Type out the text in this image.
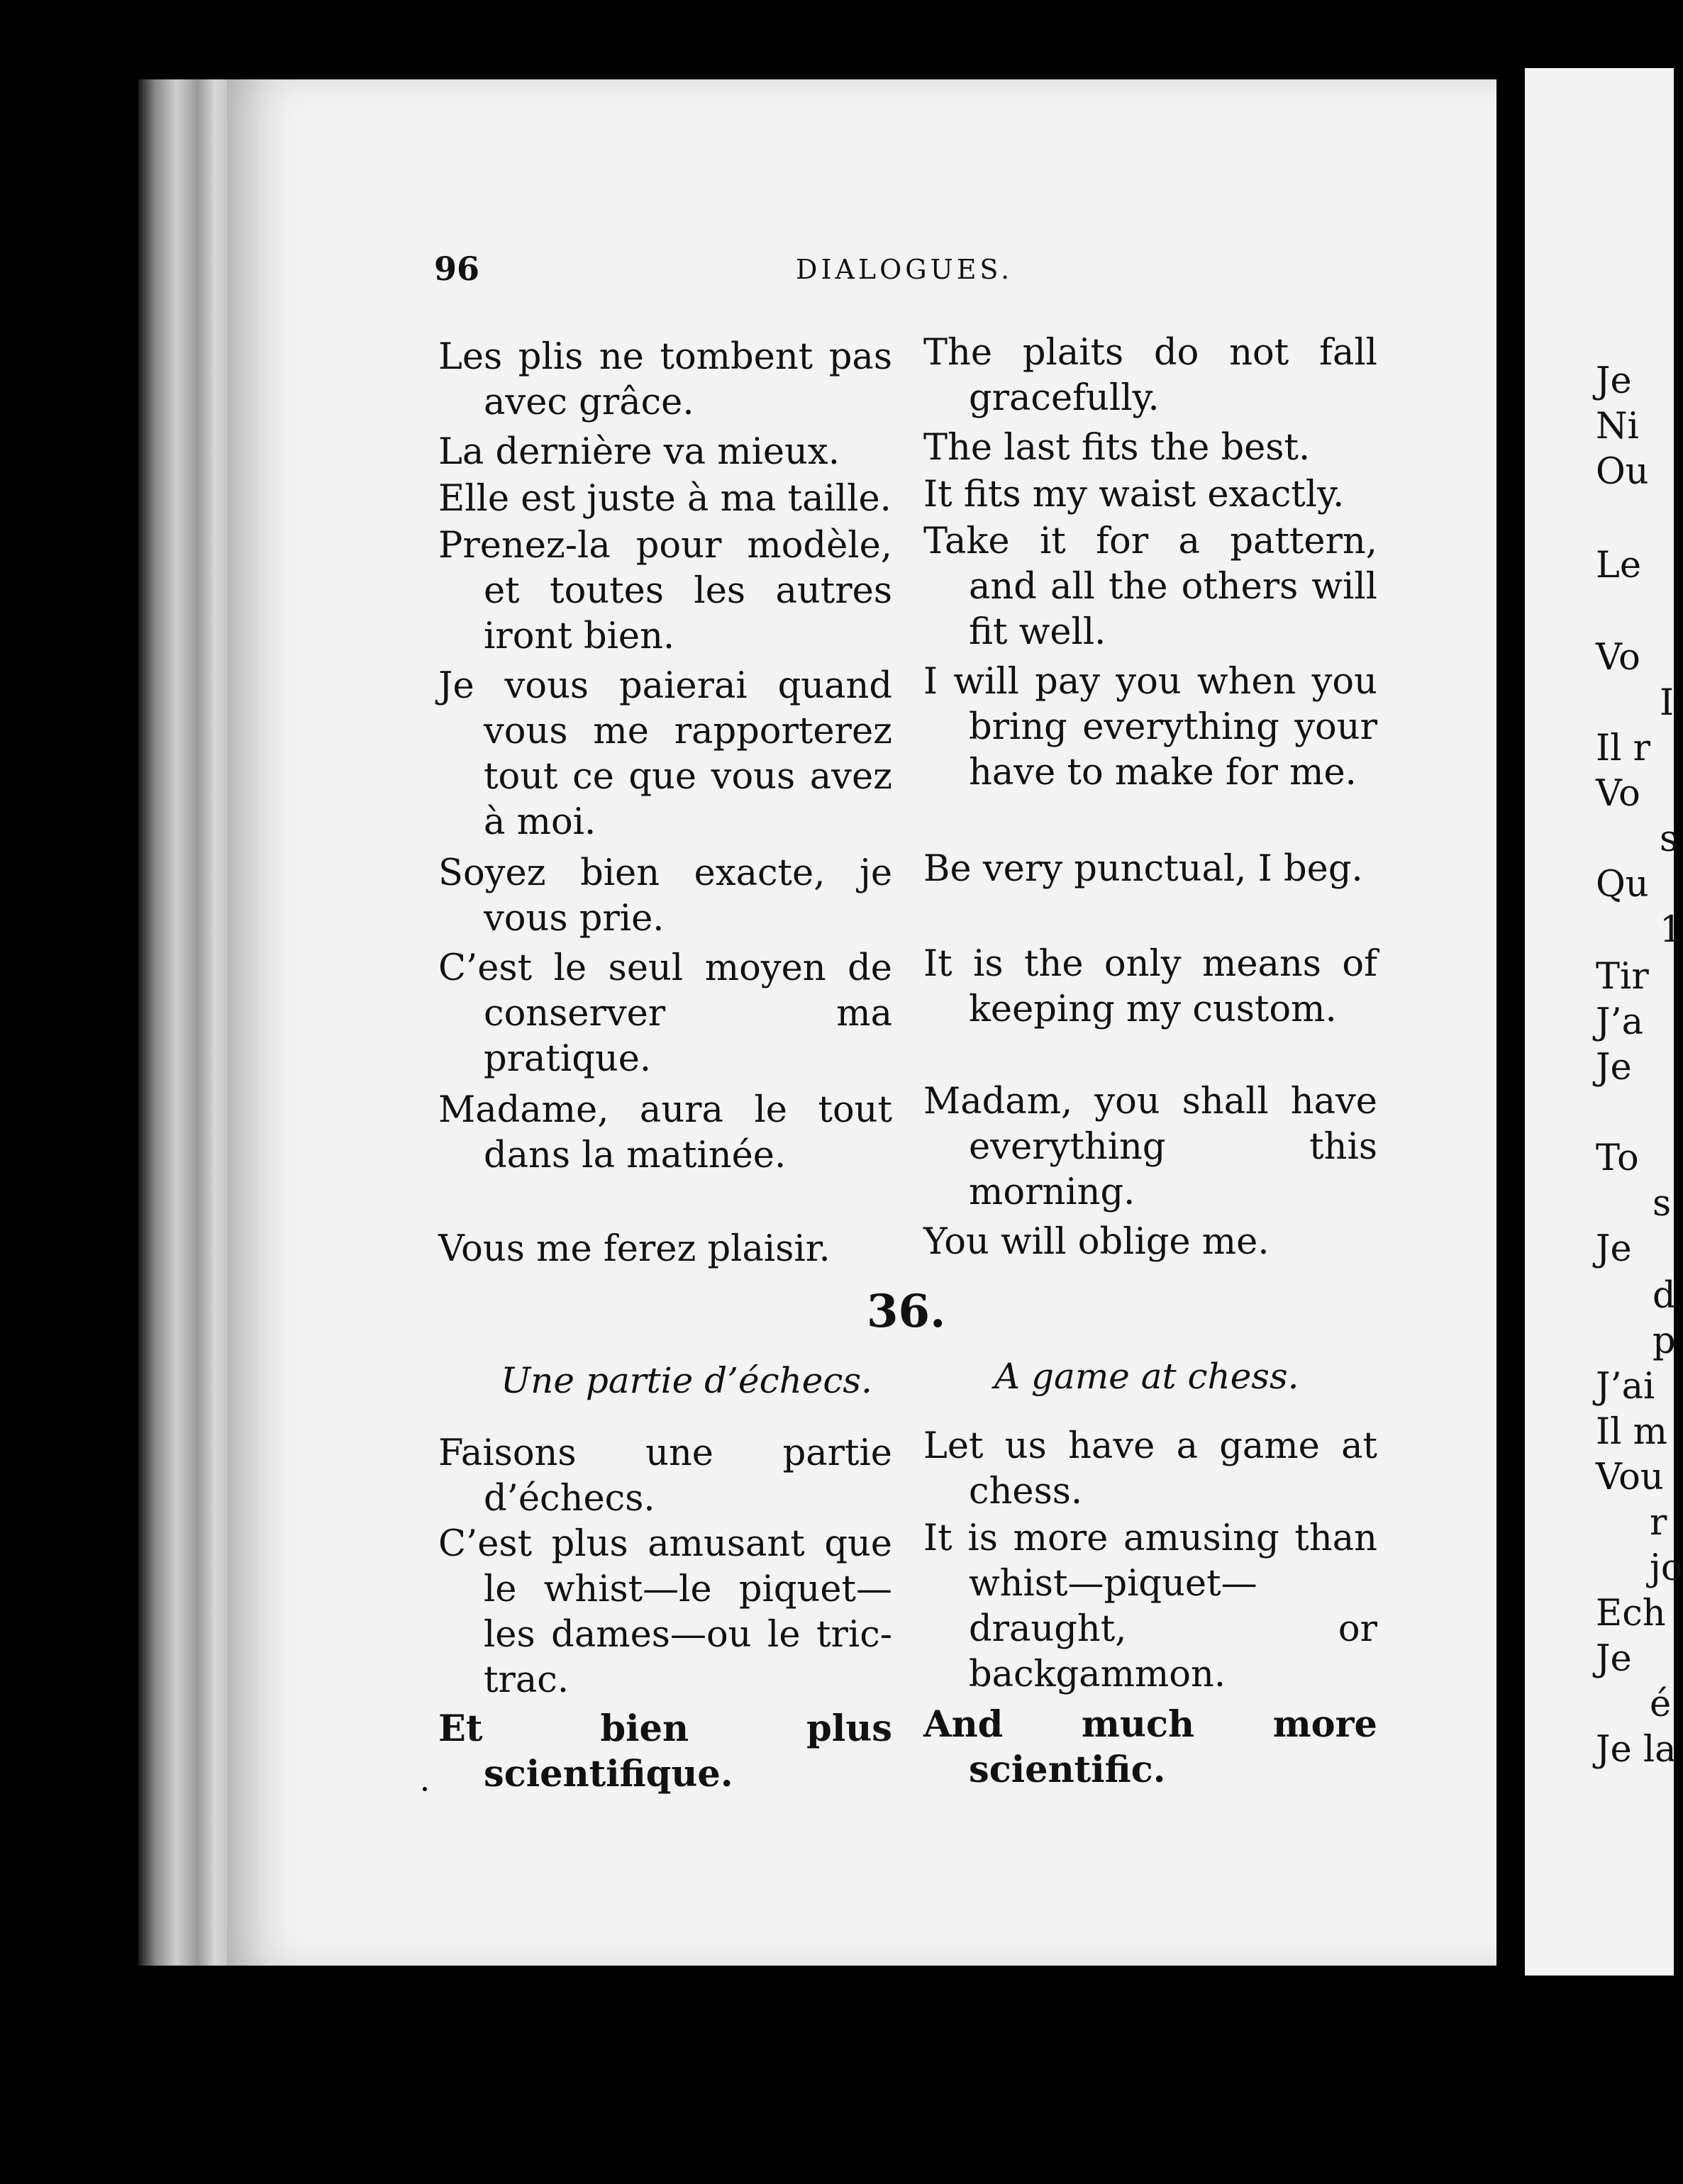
96	DIALOGUES.

Les plis ne tombent pas avec grâce.

La dernière va mieux.

Elle est juste à ma taille.

Prenez-la pour modèle, et toutes les autres iront bien.

Je vous paierai quand vous me rapporterez tout ce que vous avez à moi.

Soyez bien exacte, je vous prie.

C’est le seul moyen de conserver ma pratique.

Madame, aura le tout dans la matinée.

Vous me ferez plaisir.

The plaits do not fall gracefully.

The last fits the best.

It fits my waist exactly.

Take it for a pattern, and all the others will fit well.

I will pay you when you bring everything your have to make for me.

Be very punctual, I beg.

It is the only means of keeping my custom.

Madam, you shall have everything this morning.

You will oblige me.

36.
Une partie d’échecs.	A game at chess.

Faisons une partie d’échecs.

C’est plus amusant que le whist—le piquet—les dames—ou le tric-trac.

Et bien plus scientifique.

Let us have a game at chess.

It is more amusing than whist—piquet—draught, or backgammon.

And much more scientific.

Je
Ni
Ou
Le
Vo
I
Il r
Vo
s
Qu
1
Tir
J’a
Je
To
s
Je
d
p
J’ai
Il m
Vou
r
jo
Ech
Je
é
Je la
